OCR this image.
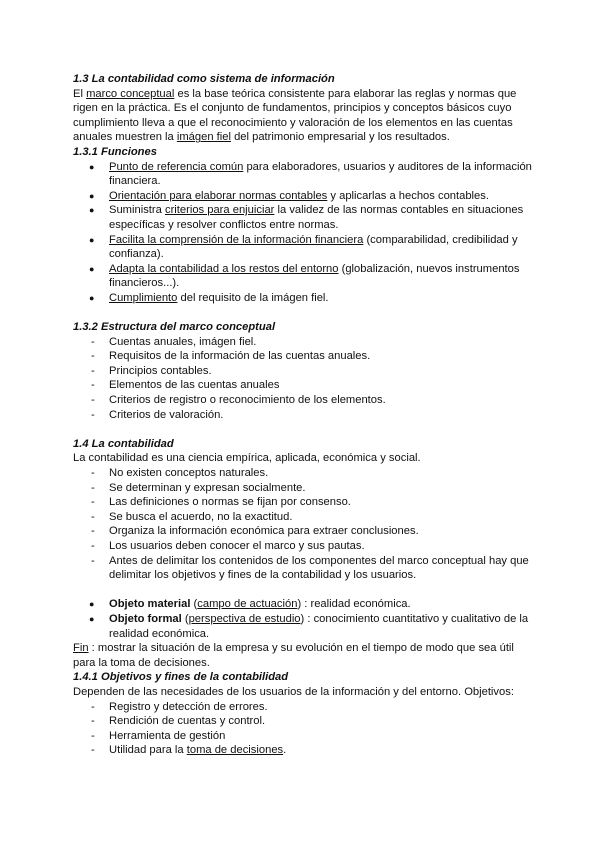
1.3 La contabilidad como sistema de información

El marco conceptual es la base teórica consistente para elaborar las reglas y normas que rigen en la práctica. Es el conjunto de fundamentos, principios y conceptos básicos cuyo cumplimiento lleva a que el reconocimiento y valoración de los elementos en las cuentas anuales muestren la imágen fiel del patrimonio empresarial y los resultados.

1.3.1 Funciones
● Punto de referencia común para elaboradores, usuarios y auditores de la información financiera.
● Orientación para elaborar normas contables y aplicarlas a hechos contables.
● Suministra criterios para enjuiciar la validez de las normas contables en situaciones específicas y resolver conflictos entre normas.
● Facilita la comprensión de la información financiera (comparabilidad, credibilidad y confianza).
● Adapta la contabilidad a los restos del entorno (globalización, nuevos instrumentos financieros...).
● Cumplimiento del requisito de la imágen fiel.
1.3.2 Estructura del marco conceptual
- Cuentas anuales, imágen fiel.
- Requisitos de la información de las cuentas anuales.
- Principios contables.
- Elementos de las cuentas anuales
- Criterios de registro o reconocimiento de los elementos.
- Criterios de valoración.
1.4 La contabilidad

La contabilidad es una ciencia empírica, aplicada, económica y social.

- No existen conceptos naturales.
- Se determinan y expresan socialmente.
- Las definiciones o normas se fijan por consenso.
- Se busca el acuerdo, no la exactitud.
- Organiza la información económica para extraer conclusiones.
- Los usuarios deben conocer el marco y sus pautas.
- Antes de delimitar los contenidos de los componentes del marco conceptual hay que delimitar los objetivos y fines de la contabilidad y los usuarios.
● Objeto material (campo de actuación) : realidad económica.
● Objeto formal (perspectiva de estudio) : conocimiento cuantitativo y cualitativo de la realidad económica.

Fin : mostrar la situación de la empresa y su evolución en el tiempo de modo que sea útil para la toma de decisiones.

1.4.1 Objetivos y fines de la contabilidad

Dependen de las necesidades de los usuarios de la información y del entorno. Objetivos:

- Registro y detección de errores.
- Rendición de cuentas y control.
- Herramienta de gestión
- Utilidad para la toma de decisiones.
